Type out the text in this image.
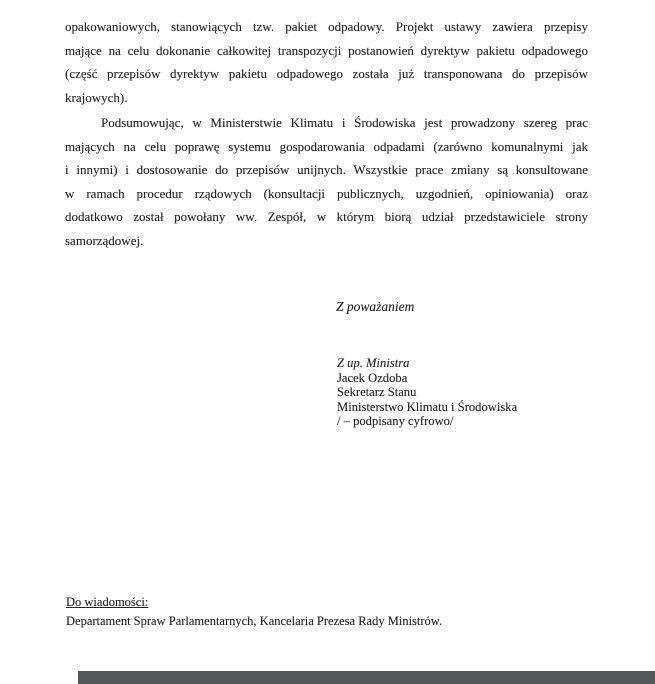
opakowaniowych, stanowiących tzw. pakiet odpadowy. Projekt ustawy zawiera przepisy
mające na celu dokonanie całkowitej transpozycji postanowień dyrektyw pakietu odpadowego
(część przepisów dyrektyw pakietu odpadowego została już transponowana do przepisów
krajowych).
Podsumowując, w Ministerstwie Klimatu i Środowiska jest prowadzony szereg prac
mających na celu poprawę systemu gospodarowania odpadami (zarówno komunalnymi jak
i innymi) i dostosowanie do przepisów unijnych. Wszystkie prace zmiany są konsultowane
w ramach procedur rządowych (konsultacji publicznych, uzgodnień, opiniowania) oraz
dodatkowo został powołany ww. Zespół, w którym biorą udział przedstawiciele strony
samorządowej.
Z poważaniem
Z up. Ministra
Jacek Ozdoba
Sekretarz Stanu
Ministerstwo Klimatu i Środowiska
/ – podpisany cyfrowo/
Do wiadomości:
Departament Spraw Parlamentarnych, Kancelaria Prezesa Rady Ministrów.
